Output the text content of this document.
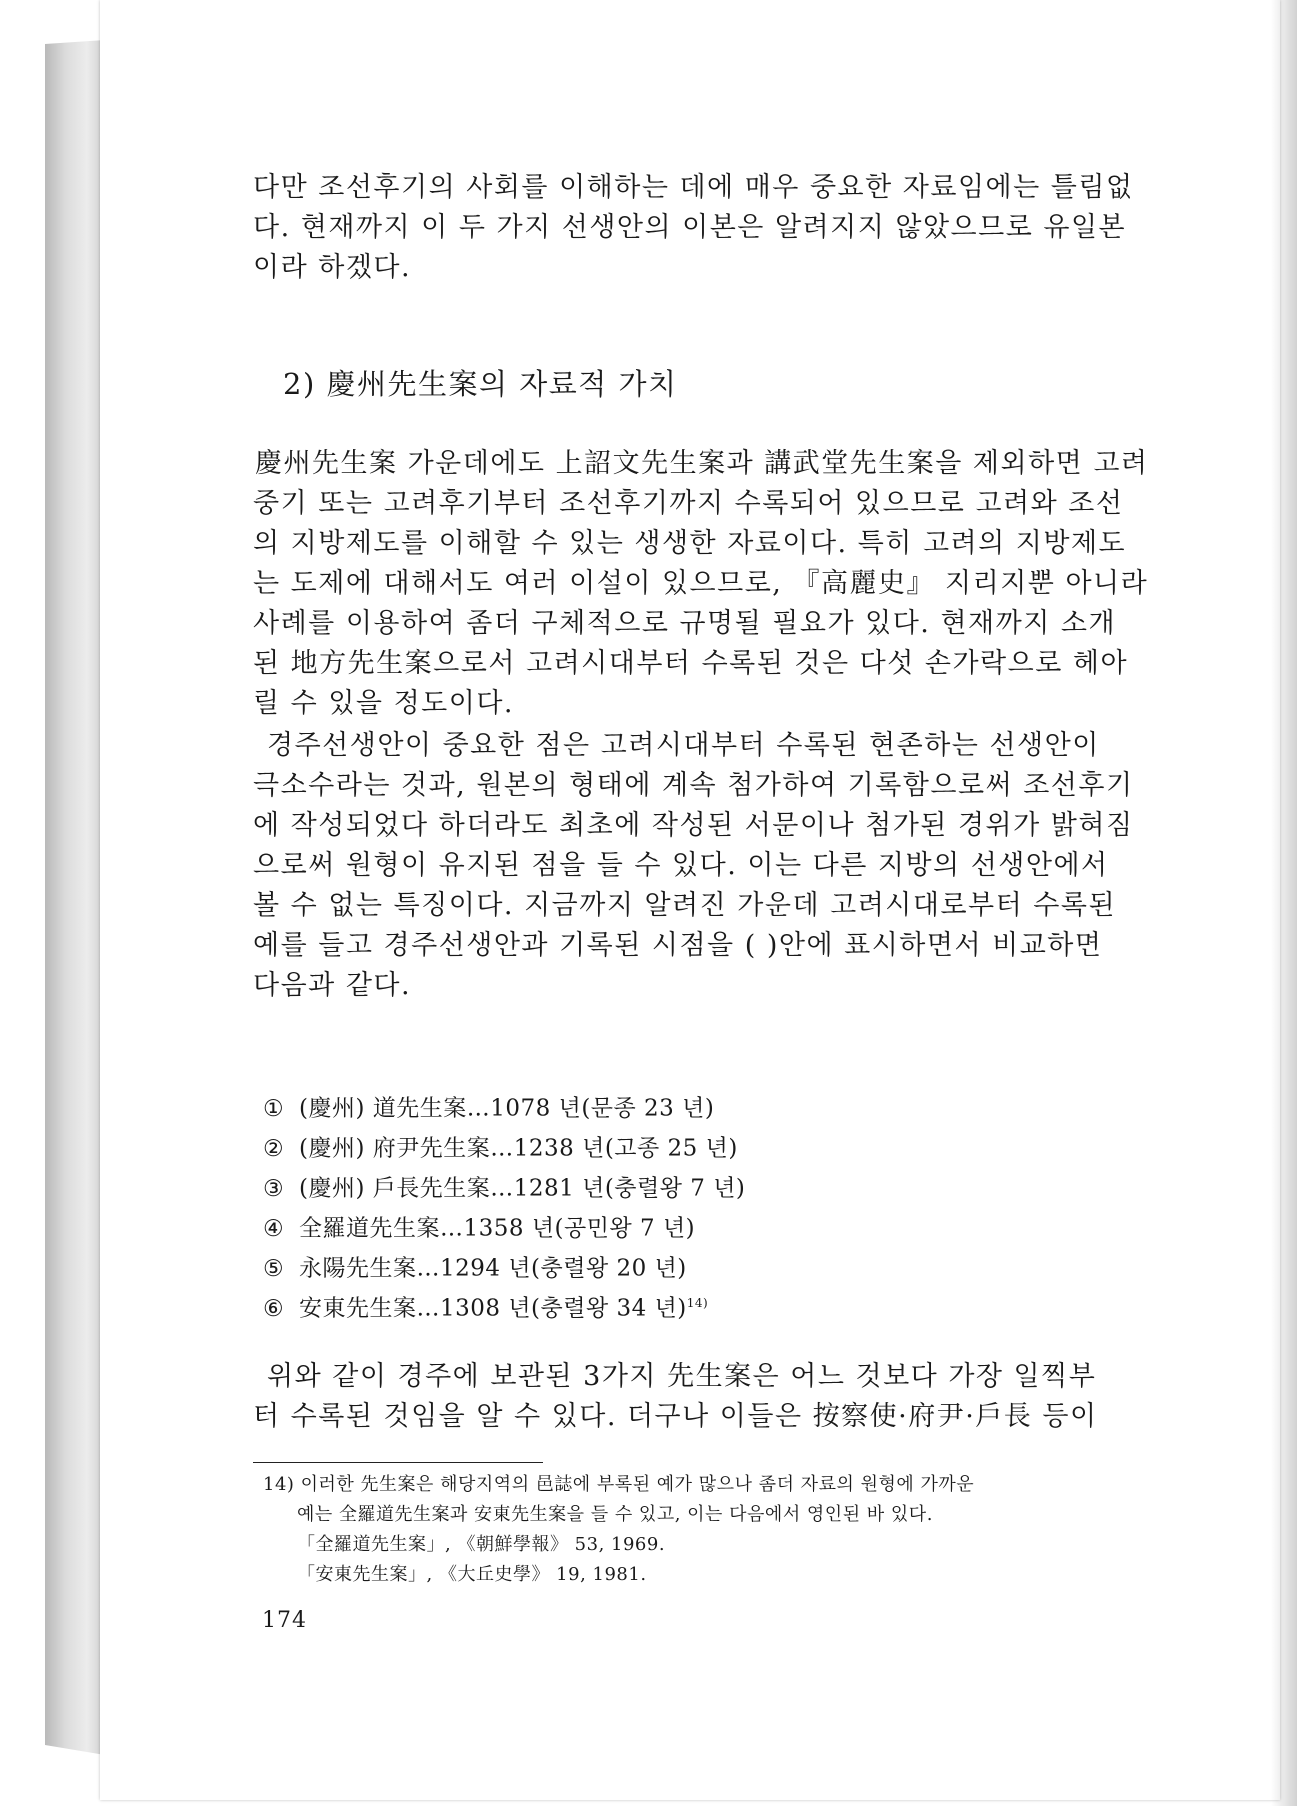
다만 조선후기의 사회를 이해하는 데에 매우 중요한 자료임에는 틀림없
다. 현재까지 이 두 가지 선생안의 이본은 알려지지 않았으므로 유일본
이라 하겠다.

2) 慶州先生案의 자료적 가치

慶州先生案 가운데에도 上詔文先生案과 講武堂先生案을 제외하면 고려
중기 또는 고려후기부터 조선후기까지 수록되어 있으므로 고려와 조선
의 지방제도를 이해할 수 있는 생생한 자료이다. 특히 고려의 지방제도
는 도제에 대해서도 여러 이설이 있으므로, 『高麗史』 지리지뿐 아니라
사례를 이용하여 좀더 구체적으로 규명될 필요가 있다. 현재까지 소개
된 地方先生案으로서 고려시대부터 수록된 것은 다섯 손가락으로 헤아
릴 수 있을 정도이다.

경주선생안이 중요한 점은 고려시대부터 수록된 현존하는 선생안이
극소수라는 것과, 원본의 형태에 계속 첨가하여 기록함으로써 조선후기
에 작성되었다 하더라도 최초에 작성된 서문이나 첨가된 경위가 밝혀짐
으로써 원형이 유지된 점을 들 수 있다. 이는 다른 지방의 선생안에서
볼 수 없는 특징이다. 지금까지 알려진 가운데 고려시대로부터 수록된
예를 들고 경주선생안과 기록된 시점을 ( )안에 표시하면서 비교하면
다음과 같다.

① (慶州) 道先生案…1078 년(문종 23 년)
② (慶州) 府尹先生案…1238 년(고종 25 년)
③ (慶州) 戶長先生案…1281 년(충렬왕 7 년)
④ 全羅道先生案…1358 년(공민왕 7 년)
⑤ 永陽先生案…1294 년(충렬왕 20 년)
⑥ 安東先生案…1308 년(충렬왕 34 년)$^{14)}$

위와 같이 경주에 보관된 3가지 先生案은 어느 것보다 가장 일찍부
터 수록된 것임을 알 수 있다. 더구나 이들은 按察使·府尹·戶長 등이

14) 이러한 先生案은 해당지역의 邑誌에 부록된 예가 많으나 좀더 자료의 원형에 가까운
예는 全羅道先生案과 安東先生案을 들 수 있고, 이는 다음에서 영인된 바 있다.
「全羅道先生案」, 《朝鮮學報》 53, 1969.
「安東先生案」, 《大丘史學》 19, 1981.
174
